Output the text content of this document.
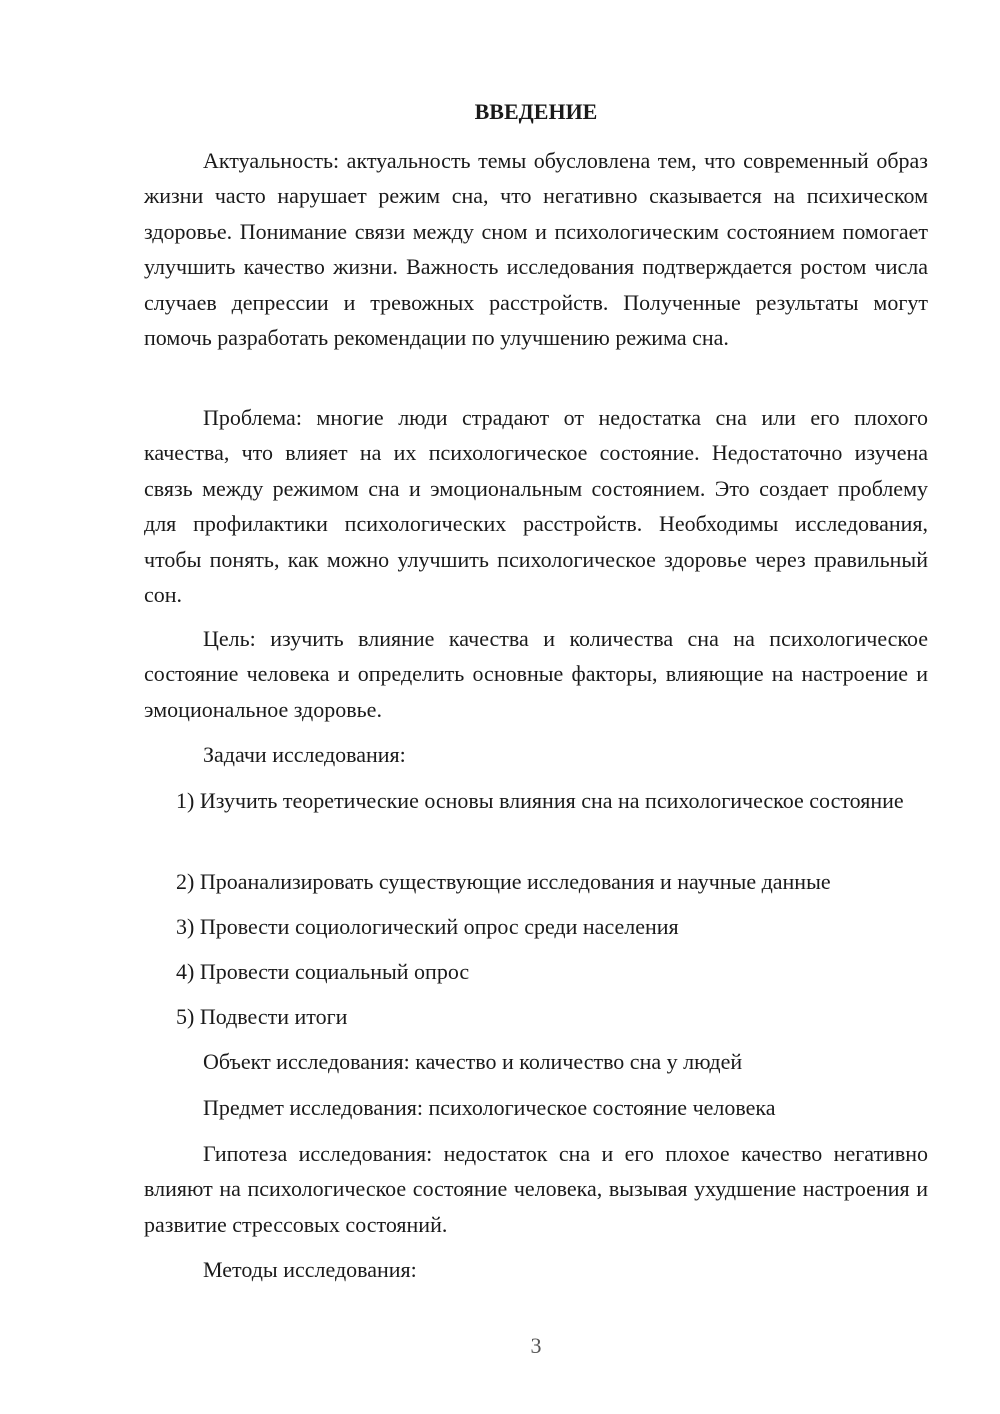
ВВЕДЕНИЕ

Актуальность: актуальность темы обусловлена тем, что современный образ жизни часто нарушает режим сна, что негативно сказывается на психическом здоровье. Понимание связи между сном и психологическим состоянием помогает улучшить качество жизни. Важность исследования подтверждается ростом числа случаев депрессии и тревожных расстройств. Полученные результаты могут помочь разработать рекомендации по улучшению режима сна.

Проблема: многие люди страдают от недостатка сна или его плохого качества, что влияет на их психологическое состояние. Недостаточно изучена связь между режимом сна и эмоциональным состоянием. Это создает проблему для профилактики психологических расстройств. Необходимы исследования, чтобы понять, как можно улучшить психологическое здоровье через правильный сон.

Цель: изучить влияние качества и количества сна на психологическое состояние человека и определить основные факторы, влияющие на настроение и эмоциональное здоровье.

Задачи исследования:

1) Изучить теоретические основы влияния сна на психологическое состояние

2) Проанализировать существующие исследования и научные данные

3) Провести социологический опрос среди населения

4) Провести социальный опрос

5) Подвести итоги

Объект исследования: качество и количество сна у людей

Предмет исследования: психологическое состояние человека

Гипотеза исследования: недостаток сна и его плохое качество негативно влияют на психологическое состояние человека, вызывая ухудшение настроения и развитие стрессовых состояний.

Методы исследования:

3
